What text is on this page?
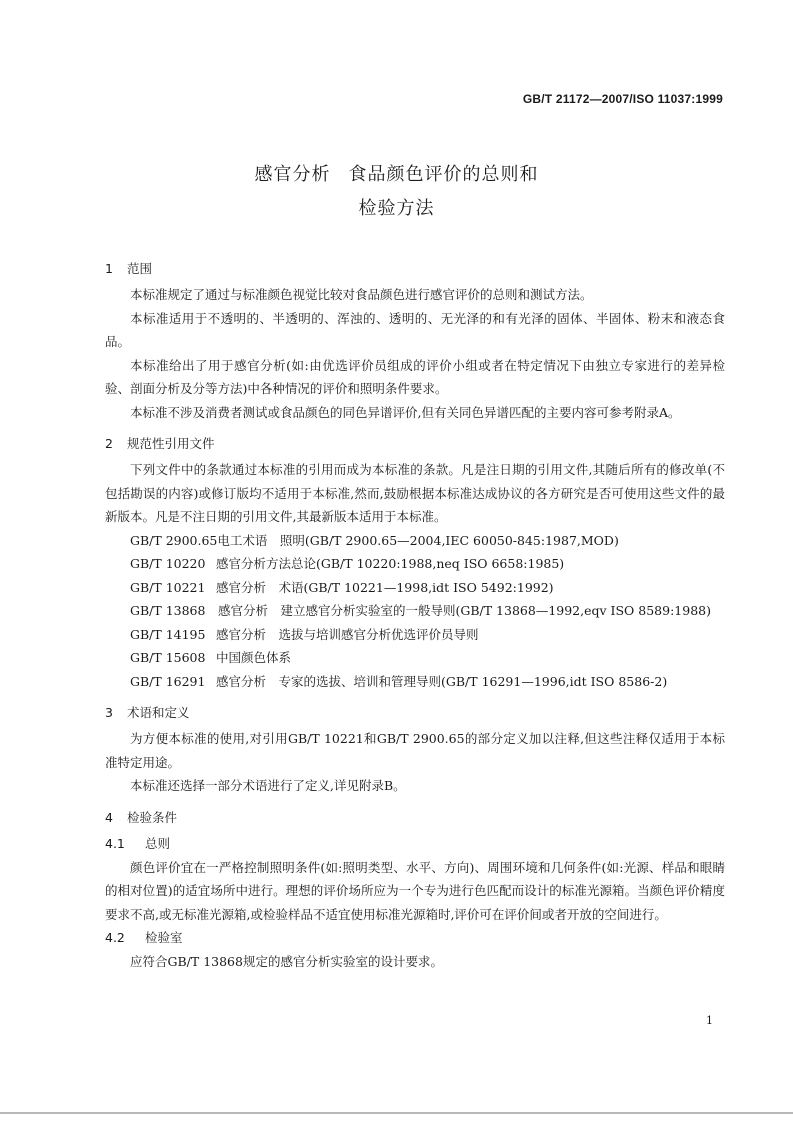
GB/T 21172—2007/ISO 11037:1999
感官分析 食品颜色评价的总则和
检验方法
1 范围

本标准规定了通过与标准颜色视觉比较对食品颜色进行感官评价的总则和测试方法。

本标准适用于不透明的、半透明的、浑浊的、透明的、无光泽的和有光泽的固体、半固体、粉末和液态食品。

本标准给出了用于感官分析(如:由优选评价员组成的评价小组或者在特定情况下由独立专家进行的差异检验、剖面分析及分等方法)中各种情况的评价和照明条件要求。

本标准不涉及消费者测试或食品颜色的同色异谱评价,但有关同色异谱匹配的主要内容可参考附录A。

2 规范性引用文件

下列文件中的条款通过本标准的引用而成为本标准的条款。凡是注日期的引用文件,其随后所有的修改单(不包括勘误的内容)或修订版均不适用于本标准,然而,鼓励根据本标准达成协议的各方研究是否可使用这些文件的最新版本。凡是不注日期的引用文件,其最新版本适用于本标准。

GB/T 2900.65电工术语　照明(GB/T 2900.65—2004,IEC 60050-845:1987,MOD)
GB/T 10220 感官分析方法总论(GB/T 10220:1988,neq ISO 6658:1985)
GB/T 10221 感官分析　术语(GB/T 10221—1998,idt ISO 5492:1992)
GB/T 13868　 感官分析　建立感官分析实验室的一般导则(GB/T 13868—1992,eqv ISO 8589:1988)
GB/T 14195 感官分析　选拔与培训感官分析优选评价员导则
GB/T 15608 中国颜色体系
GB/T 16291 感官分析　专家的选拔、培训和管理导则(GB/T 16291—1996,idt ISO 8586-2)
3 术语和定义

为方便本标准的使用,对引用GB/T 10221和GB/T 2900.65的部分定义加以注释,但这些注释仅适用于本标准特定用途。

本标准还选择一部分术语进行了定义,详见附录B。

4 检验条件
4.1 总则

颜色评价宜在一严格控制照明条件(如:照明类型、水平、方向)、周围环境和几何条件(如:光源、样品和眼睛的相对位置)的适宜场所中进行。理想的评价场所应为一个专为进行色匹配而设计的标准光源箱。当颜色评价精度要求不高,或无标准光源箱,或检验样品不适宜使用标准光源箱时,评价可在评价间或者开放的空间进行。

4.2 检验室

应符合GB/T 13868规定的感官分析实验室的设计要求。

1
